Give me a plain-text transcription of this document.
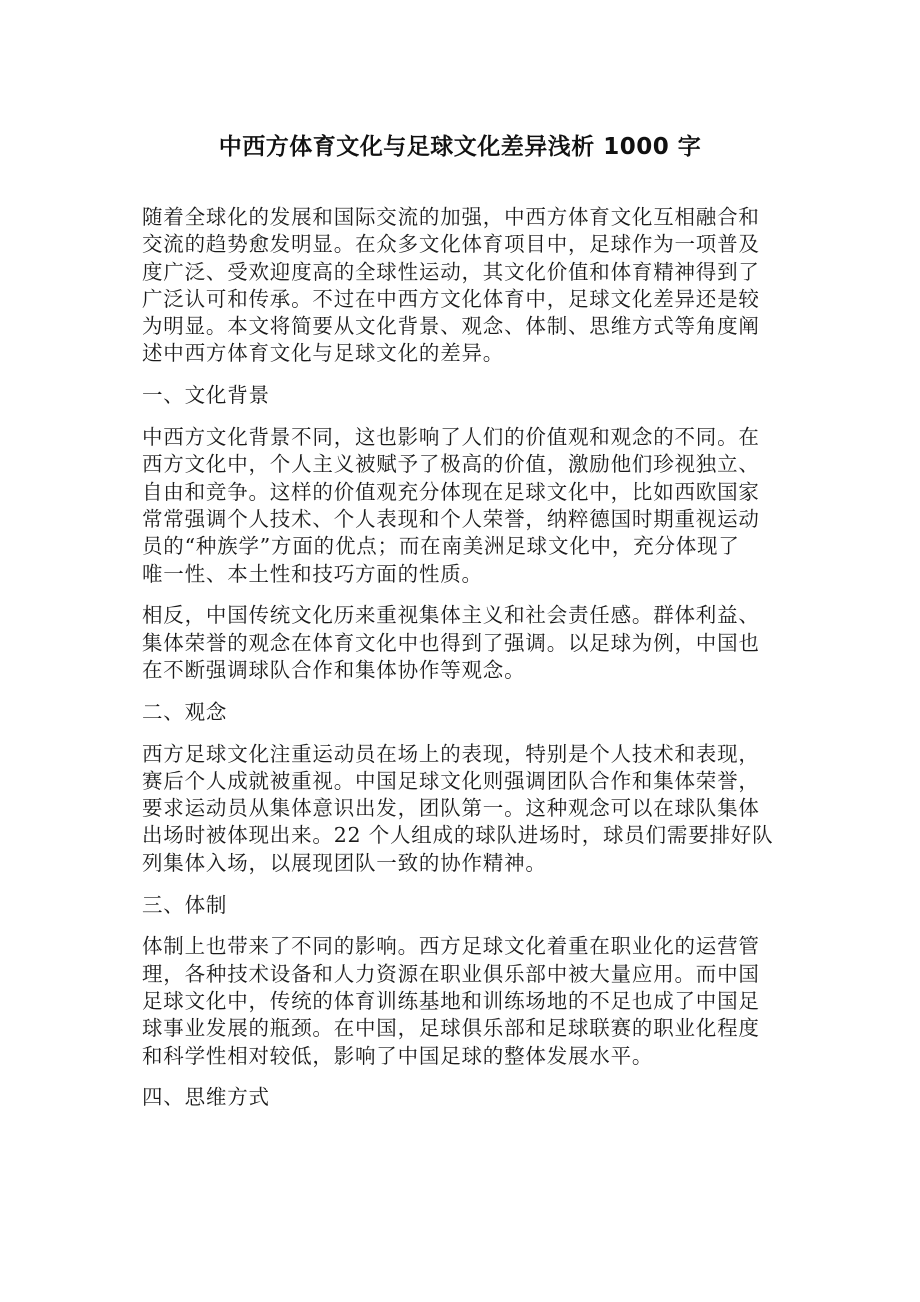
中西方体育文化与足球文化差异浅析 1000 字

随着全球化的发展和国际交流的加强，中西方体育文化互相融合和
交流的趋势愈发明显。在众多文化体育项目中，足球作为一项普及
度广泛、受欢迎度高的全球性运动，其文化价值和体育精神得到了
广泛认可和传承。不过在中西方文化体育中，足球文化差异还是较
为明显。本文将简要从文化背景、观念、体制、思维方式等角度阐
述中西方体育文化与足球文化的差异。

一、文化背景

中西方文化背景不同，这也影响了人们的价值观和观念的不同。在
西方文化中，个人主义被赋予了极高的价值，激励他们珍视独立、
自由和竞争。这样的价值观充分体现在足球文化中，比如西欧国家
常常强调个人技术、个人表现和个人荣誉，纳粹德国时期重视运动
员的“种族学”方面的优点；而在南美洲足球文化中，充分体现了
唯一性、本土性和技巧方面的性质。

相反，中国传统文化历来重视集体主义和社会责任感。群体利益、
集体荣誉的观念在体育文化中也得到了强调。以足球为例，中国也
在不断强调球队合作和集体协作等观念。

二、观念

西方足球文化注重运动员在场上的表现，特别是个人技术和表现，
赛后个人成就被重视。中国足球文化则强调团队合作和集体荣誉，
要求运动员从集体意识出发，团队第一。这种观念可以在球队集体
出场时被体现出来。22 个人组成的球队进场时，球员们需要排好队
列集体入场，以展现团队一致的协作精神。

三、体制

体制上也带来了不同的影响。西方足球文化着重在职业化的运营管
理，各种技术设备和人力资源在职业俱乐部中被大量应用。而中国
足球文化中，传统的体育训练基地和训练场地的不足也成了中国足
球事业发展的瓶颈。在中国，足球俱乐部和足球联赛的职业化程度
和科学性相对较低，影响了中国足球的整体发展水平。

四、思维方式
